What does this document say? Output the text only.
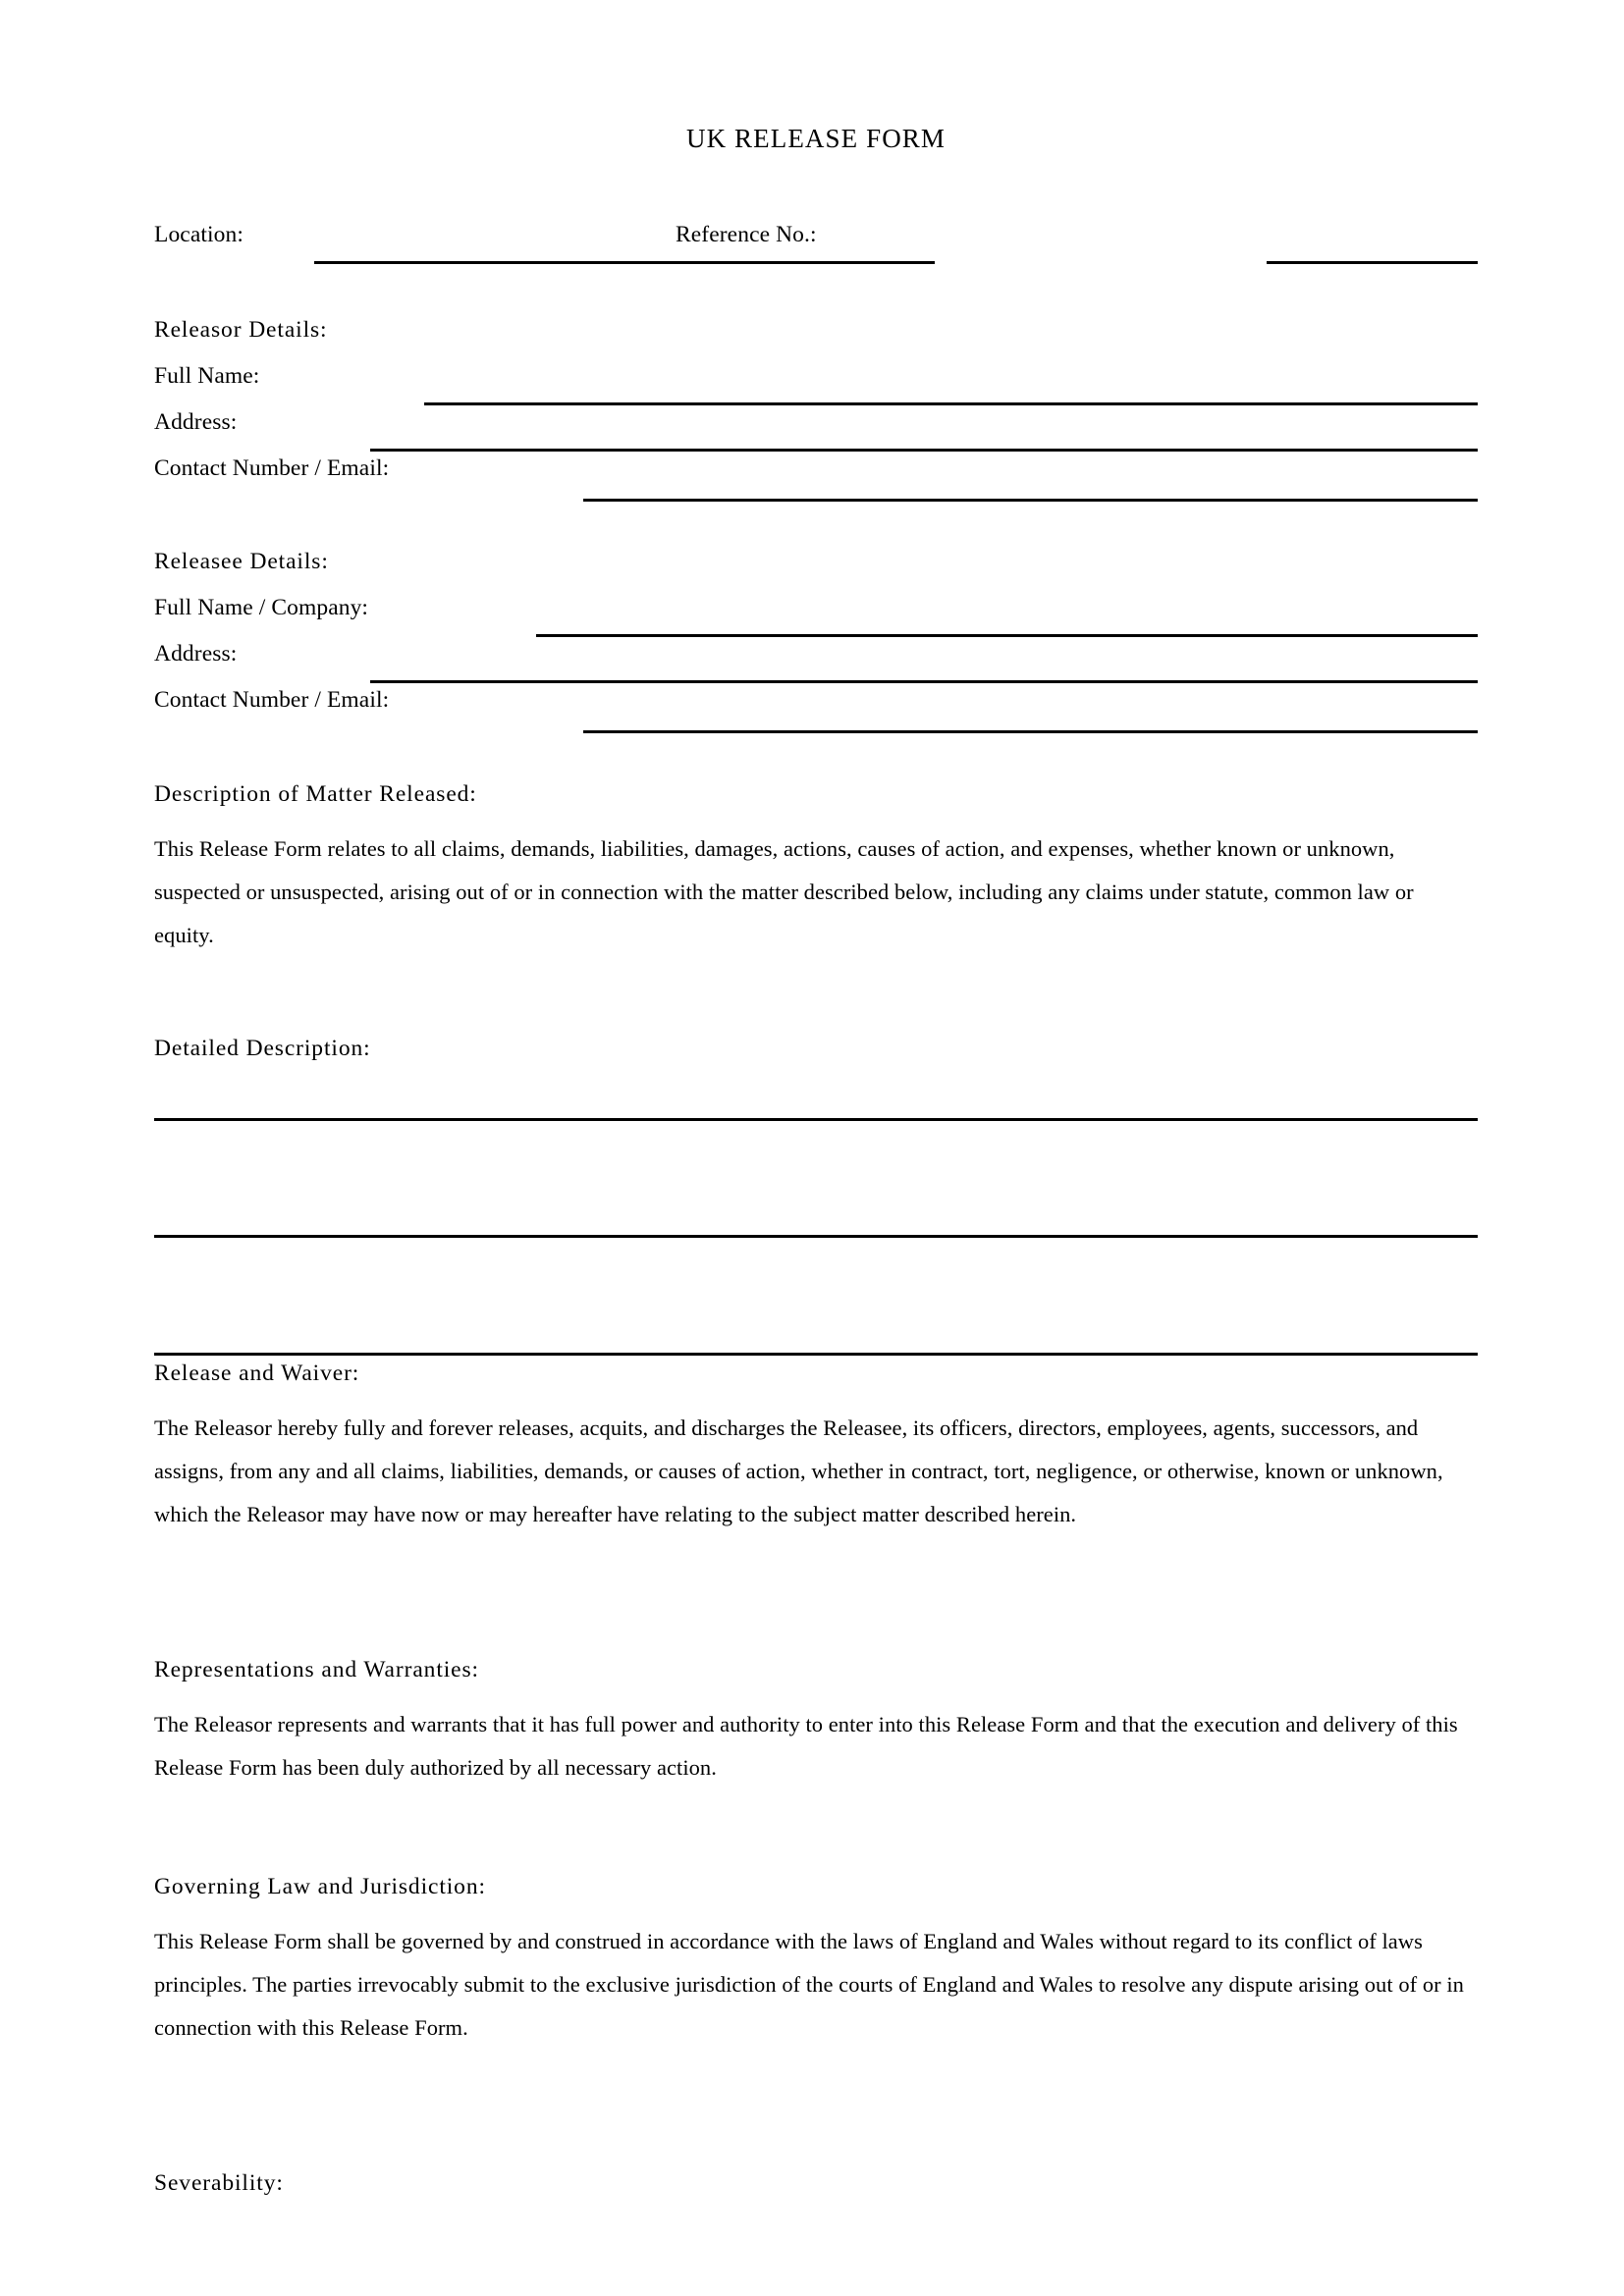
UK RELEASE FORM
Location:	Reference No.:
Releasor Details:
Full Name:
Address:
Contact Number / Email:
Releasee Details:
Full Name / Company:
Address:
Contact Number / Email:
Description of Matter Released:
This Release Form relates to all claims, demands, liabilities, damages, actions, causes of action, and expenses, whether known or unknown, suspected or unsuspected, arising out of or in connection with the matter described below, including any claims under statute, common law or equity.
Detailed Description:
Release and Waiver:
The Releasor hereby fully and forever releases, acquits, and discharges the Releasee, its officers, directors, employees, agents, successors, and assigns, from any and all claims, liabilities, demands, or causes of action, whether in contract, tort, negligence, or otherwise, known or unknown, which the Releasor may have now or may hereafter have relating to the subject matter described herein.
Representations and Warranties:
The Releasor represents and warrants that it has full power and authority to enter into this Release Form and that the execution and delivery of this Release Form has been duly authorized by all necessary action.
Governing Law and Jurisdiction:
This Release Form shall be governed by and construed in accordance with the laws of England and Wales without regard to its conflict of laws principles. The parties irrevocably submit to the exclusive jurisdiction of the courts of England and Wales to resolve any dispute arising out of or in connection with this Release Form.
Severability:
